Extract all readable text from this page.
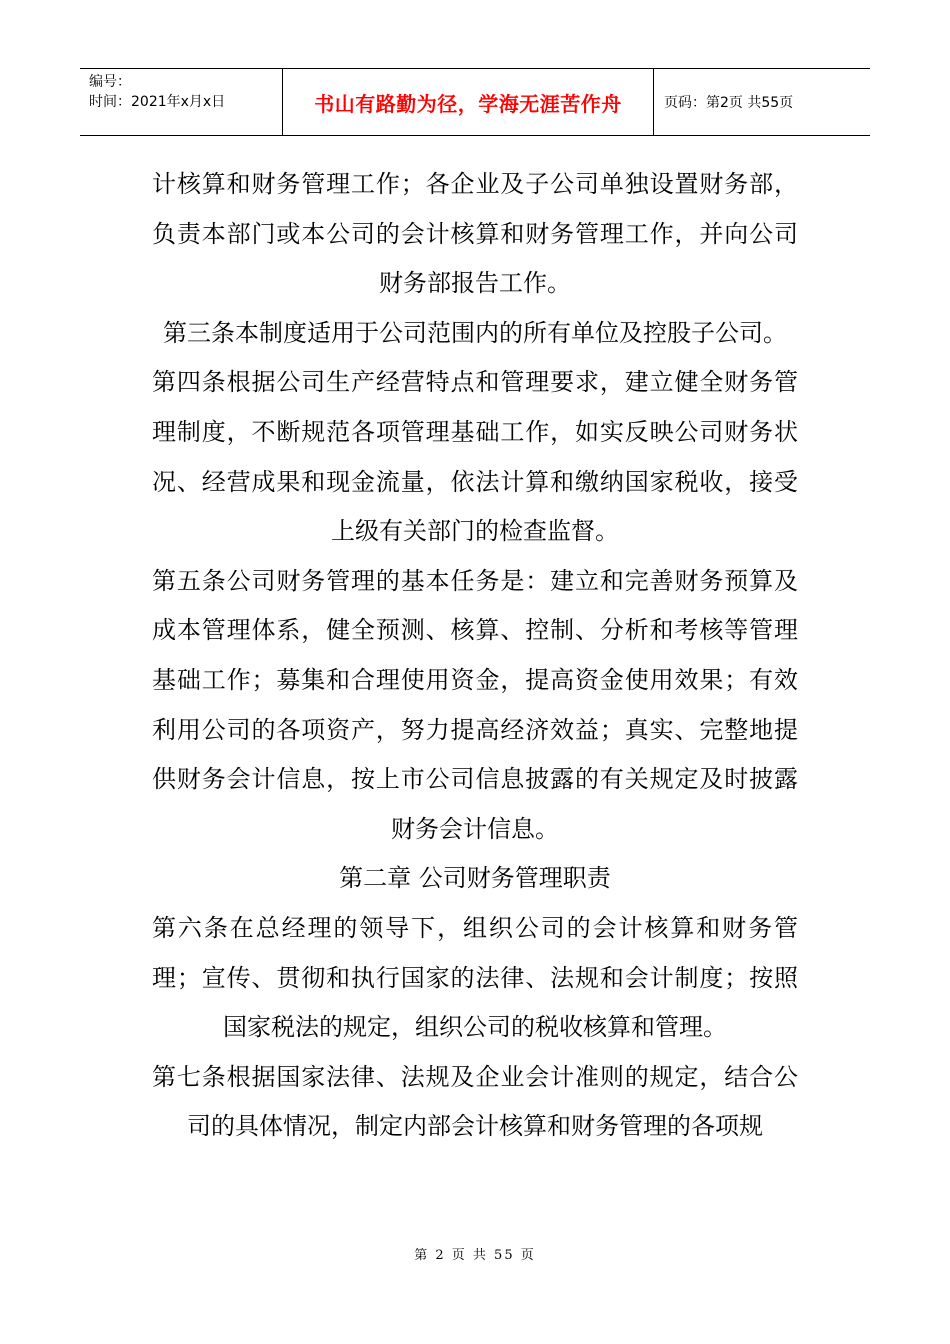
编号：
时间：2021年x月x日	书山有路勤为径，学海无涯苦作舟	页码：第2页 共55页

计核算和财务管理工作；各企业及子公司单独设置财务部，负责本部门或本公司的会计核算和财务管理工作，并向公司财务部报告工作。

第三条本制度适用于公司范围内的所有单位及控股子公司。

第四条根据公司生产经营特点和管理要求，建立健全财务管理制度，不断规范各项管理基础工作，如实反映公司财务状况、经营成果和现金流量，依法计算和缴纳国家税收，接受上级有关部门的检查监督。

第五条公司财务管理的基本任务是：建立和完善财务预算及成本管理体系，健全预测、核算、控制、分析和考核等管理基础工作；募集和合理使用资金，提高资金使用效果；有效利用公司的各项资产，努力提高经济效益；真实、完整地提供财务会计信息，按上市公司信息披露的有关规定及时披露财务会计信息。

第二章 公司财务管理职责

第六条在总经理的领导下，组织公司的会计核算和财务管理；宣传、贯彻和执行国家的法律、法规和会计制度；按照国家税法的规定，组织公司的税收核算和管理。

第七条根据国家法律、法规及企业会计准则的规定，结合公司的具体情况，制定内部会计核算和财务管理的各项规

第 2 页 共 55 页
